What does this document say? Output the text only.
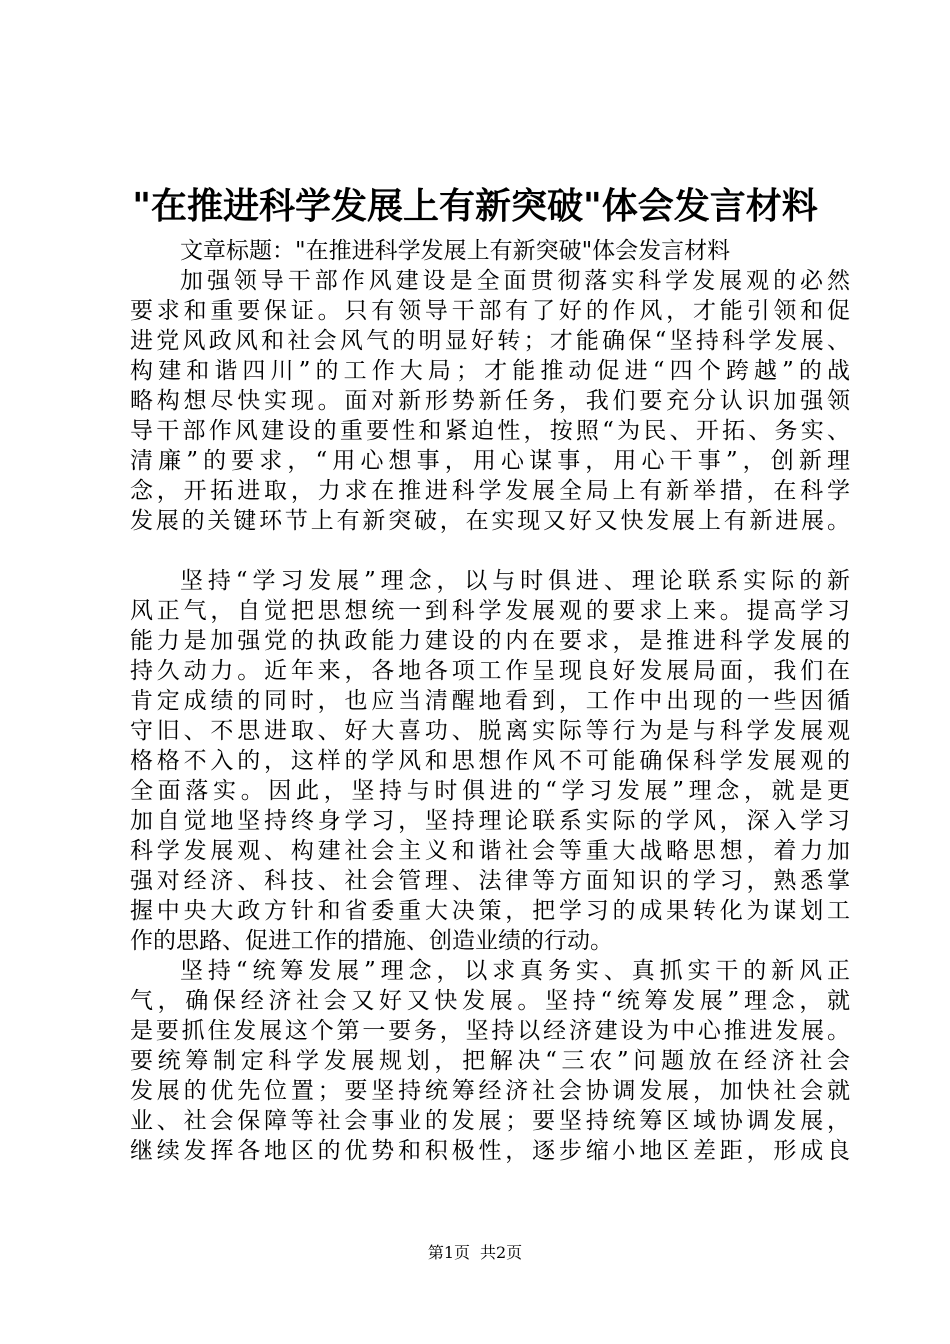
"在推进科学发展上有新突破"体会发言材料
文章标题："在推进科学发展上有新突破"体会发言材料
加强领导干部作风建设是全面贯彻落实科学发展观的必然
要求和重要保证。只有领导干部有了好的作风，才能引领和促
进党风政风和社会风气的明显好转；才能确保“坚持科学发展、
构建和谐四川”的工作大局；才能推动促进“四个跨越”的战
略构想尽快实现。面对新形势新任务，我们要充分认识加强领
导干部作风建设的重要性和紧迫性，按照“为民、开拓、务实、
清廉”的要求，“用心想事，用心谋事，用心干事”，创新理
念，开拓进取，力求在推进科学发展全局上有新举措，在科学
发展的关键环节上有新突破，在实现又好又快发展上有新进展。
坚持“学习发展”理念，以与时俱进、理论联系实际的新
风正气，自觉把思想统一到科学发展观的要求上来。提高学习
能力是加强党的执政能力建设的内在要求，是推进科学发展的
持久动力。近年来，各地各项工作呈现良好发展局面，我们在
肯定成绩的同时，也应当清醒地看到，工作中出现的一些因循
守旧、不思进取、好大喜功、脱离实际等行为是与科学发展观
格格不入的，这样的学风和思想作风不可能确保科学发展观的
全面落实。因此，坚持与时俱进的“学习发展”理念，就是更
加自觉地坚持终身学习，坚持理论联系实际的学风，深入学习
科学发展观、构建社会主义和谐社会等重大战略思想，着力加
强对经济、科技、社会管理、法律等方面知识的学习，熟悉掌
握中央大政方针和省委重大决策，把学习的成果转化为谋划工
作的思路、促进工作的措施、创造业绩的行动。
坚持“统筹发展”理念，以求真务实、真抓实干的新风正
气，确保经济社会又好又快发展。坚持“统筹发展”理念，就
是要抓住发展这个第一要务，坚持以经济建设为中心推进发展。
要统筹制定科学发展规划，把解决“三农”问题放在经济社会
发展的优先位置；要坚持统筹经济社会协调发展，加快社会就
业、社会保障等社会事业的发展；要坚持统筹区域协调发展，
继续发挥各地区的优势和积极性，逐步缩小地区差距，形成良
第1页 共2页
